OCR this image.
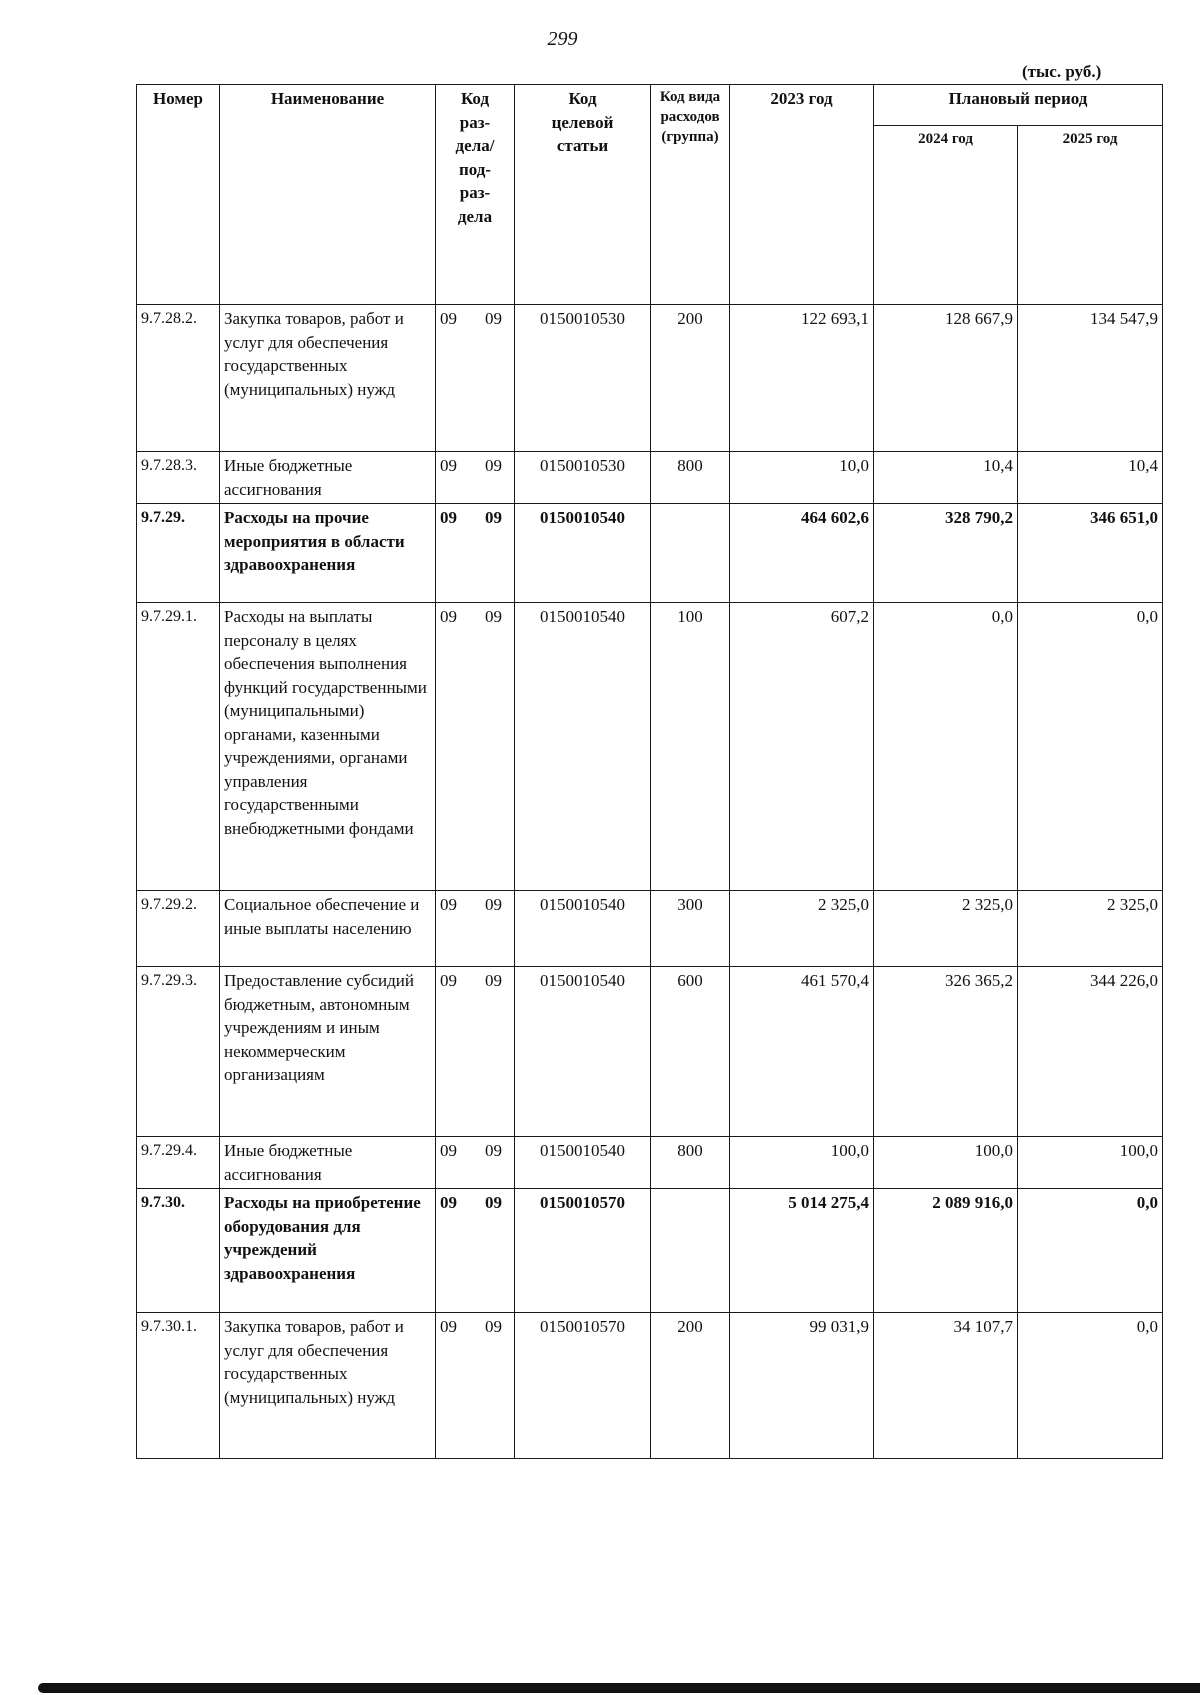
299
(тыс. руб.)
Номер	Наименование	Код раз-дела/под-раз-дела	Код целевой статьи	Код вида расходов (группа)	2023 год	Плановый период	
						2024 год	2025 год
9.7.28.2.	Закупка товаров, работ и услуг для обеспечения государственных (муниципальных) нужд	09 09	0150010530	200	122 693,1	128 667,9	134 547,9
9.7.28.3.	Иные бюджетные ассигнования	09 09	0150010530	800	10,0	10,4	10,4
9.7.29.	Расходы на прочие мероприятия в области здравоохранения	09 09	0150010540		464 602,6	328 790,2	346 651,0
9.7.29.1.	Расходы на выплаты персоналу в целях обеспечения выполнения функций государственными (муниципальными) органами, казенными учреждениями, органами управления государственными внебюджетными фондами	09 09	0150010540	100	607,2	0,0	0,0
9.7.29.2.	Социальное обеспечение и иные выплаты населению	09 09	0150010540	300	2 325,0	2 325,0	2 325,0
9.7.29.3.	Предоставление субсидий бюджетным, автономным учреждениям и иным некоммерческим организациям	09 09	0150010540	600	461 570,4	326 365,2	344 226,0
9.7.29.4.	Иные бюджетные ассигнования	09 09	0150010540	800	100,0	100,0	100,0
9.7.30.	Расходы на приобретение оборудования для учреждений здравоохранения	09 09	0150010570		5 014 275,4	2 089 916,0	0,0
9.7.30.1.	Закупка товаров, работ и услуг для обеспечения государственных (муниципальных) нужд	09 09	0150010570	200	99 031,9	34 107,7	0,0
